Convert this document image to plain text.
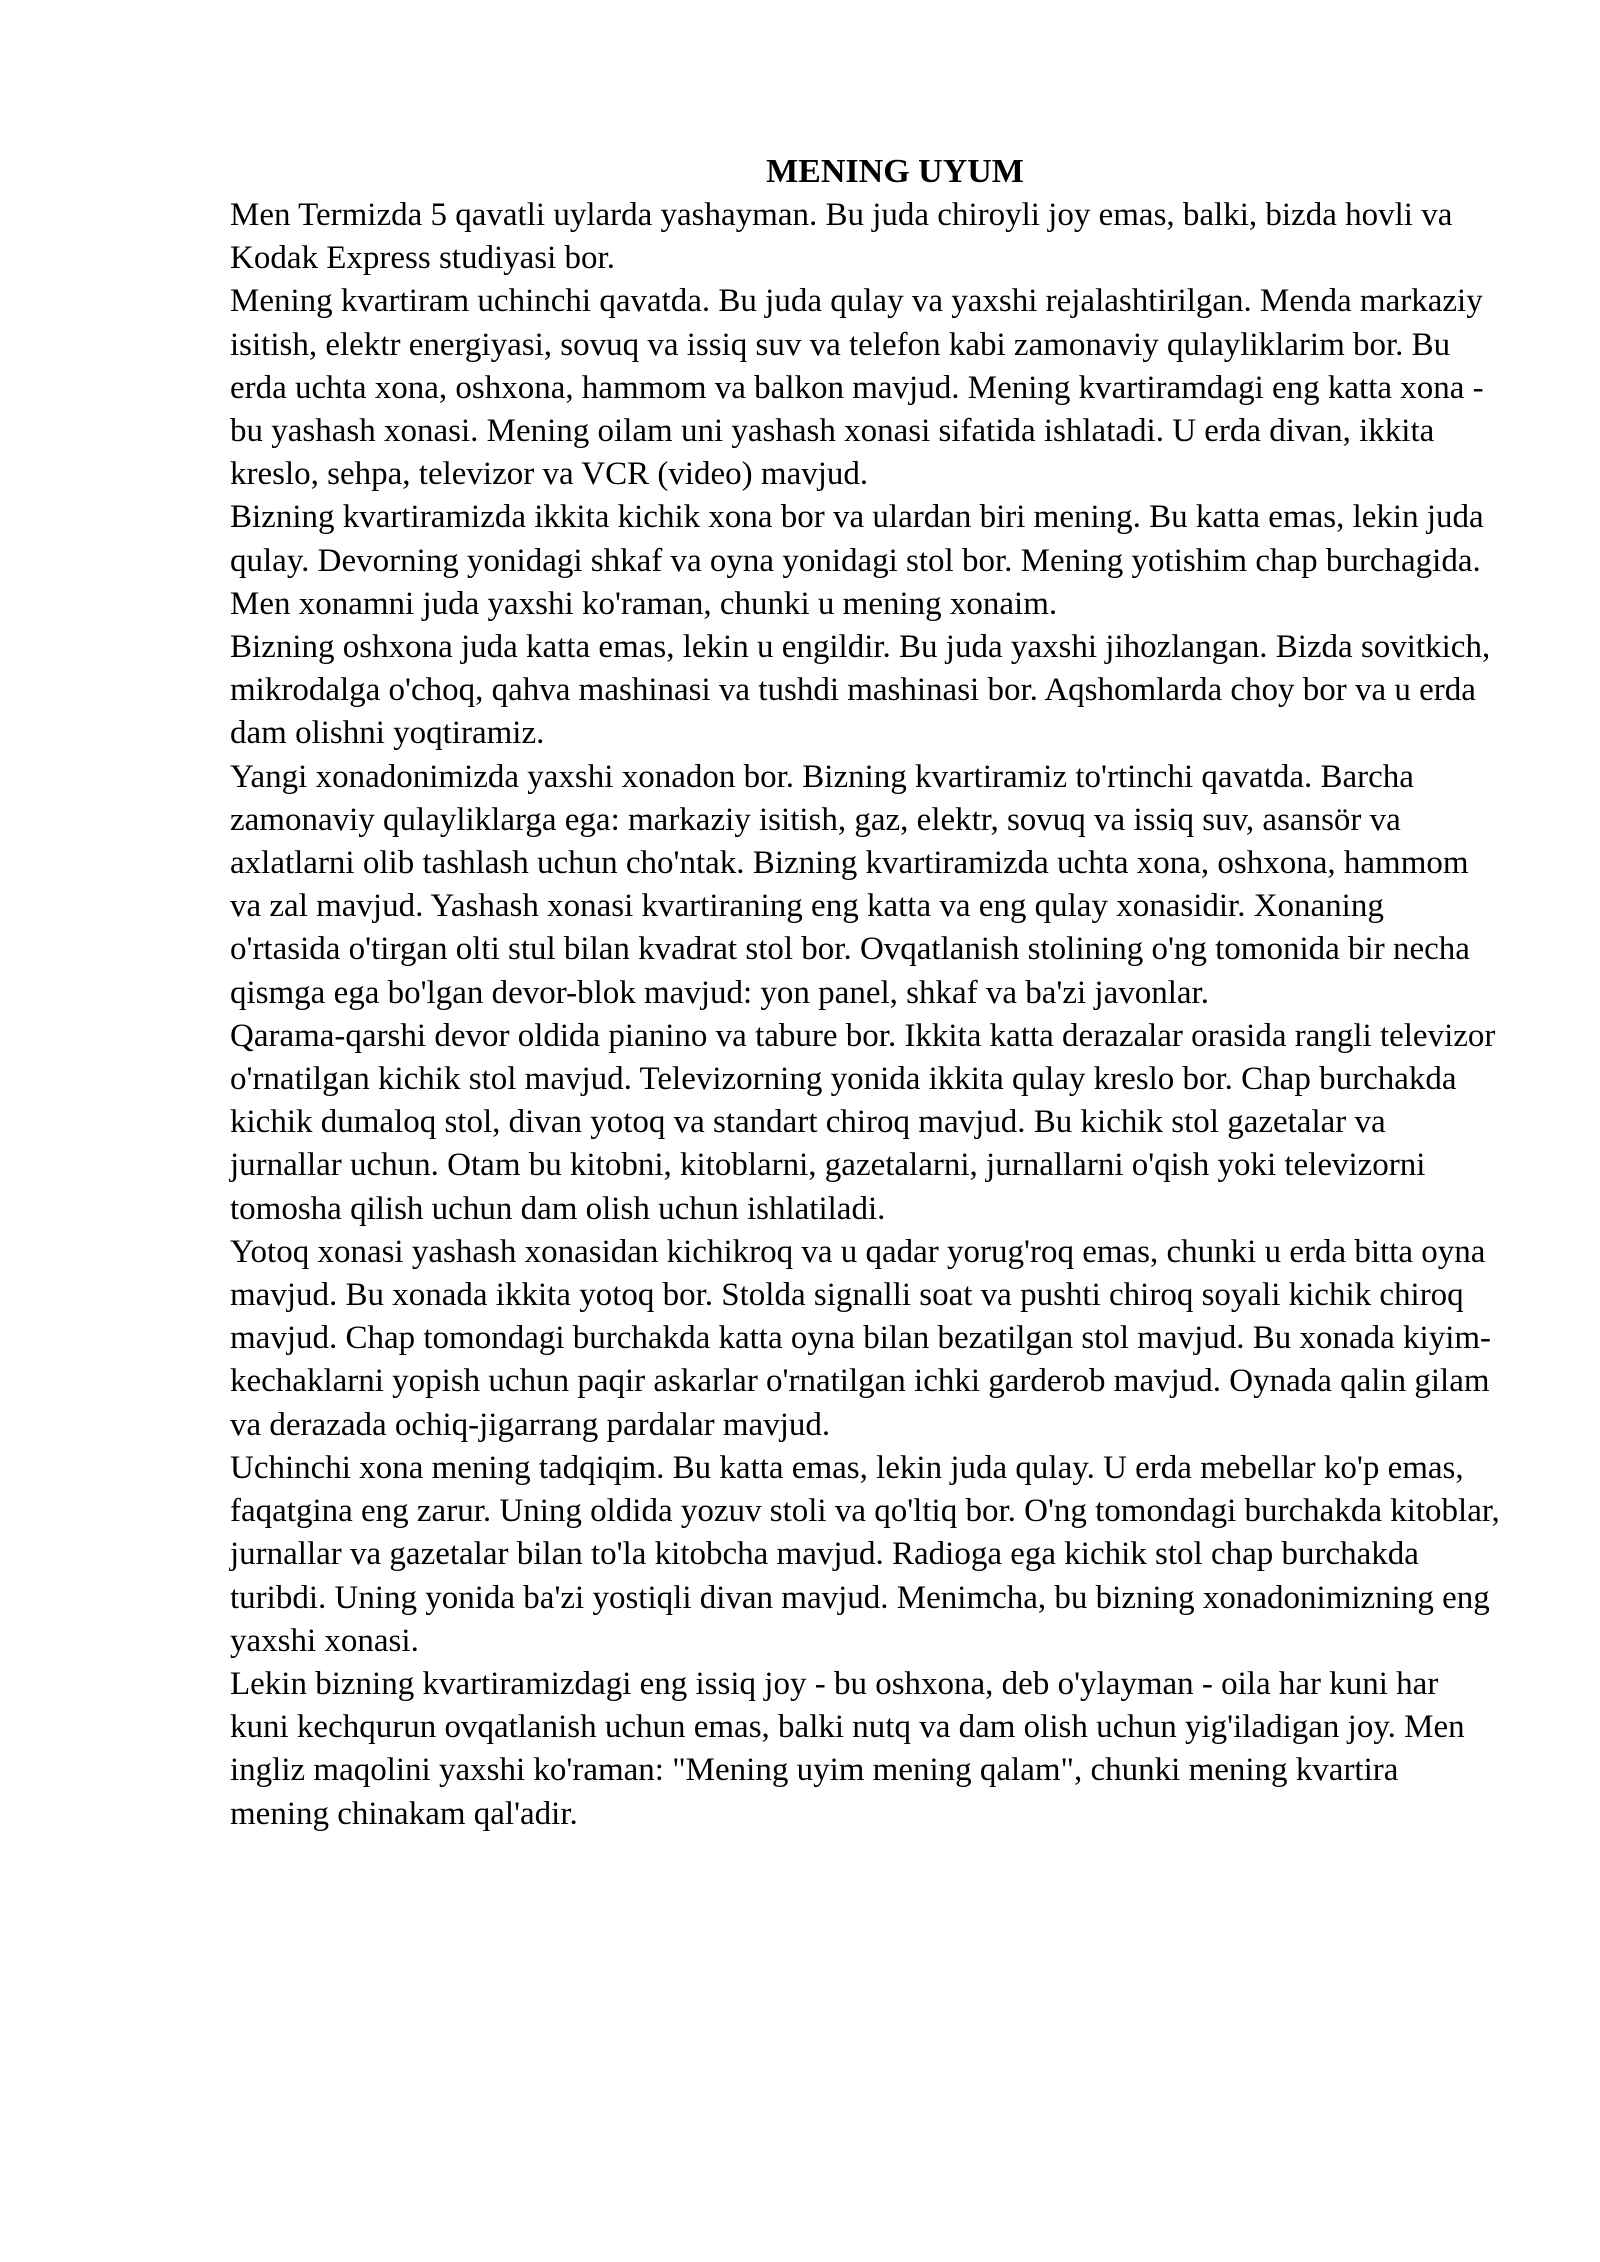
MENING UYUM

Men Termizda 5 qavatli uylarda yashayman. Bu juda chiroyli joy emas, balki, bizda hovli va Kodak Express studiyasi bor.

Mening kvartiram uchinchi qavatda. Bu juda qulay va yaxshi rejalashtirilgan. Menda markaziy isitish, elektr energiyasi, sovuq va issiq suv va telefon kabi zamonaviy qulayliklarim bor. Bu erda uchta xona, oshxona, hammom va balkon mavjud. Mening kvartiramdagi eng katta xona - bu yashash xonasi. Mening oilam uni yashash xonasi sifatida ishlatadi. U erda divan, ikkita kreslo, sehpa, televizor va VCR (video) mavjud.

Bizning kvartiramizda ikkita kichik xona bor va ulardan biri mening. Bu katta emas, lekin juda qulay. Devorning yonidagi shkaf va oyna yonidagi stol bor. Mening yotishim chap burchagida. Men xonamni juda yaxshi ko'raman, chunki u mening xonaim.

Bizning oshxona juda katta emas, lekin u engildir. Bu juda yaxshi jihozlangan. Bizda sovitkich, mikrodalga o'choq, qahva mashinasi va tushdi mashinasi bor. Aqshomlarda choy bor va u erda dam olishni yoqtiramiz.

Yangi xonadonimizda yaxshi xonadon bor. Bizning kvartiramiz to'rtinchi qavatda. Barcha zamonaviy qulayliklarga ega: markaziy isitish, gaz, elektr, sovuq va issiq suv, asansör va axlatlarni olib tashlash uchun cho'ntak. Bizning kvartiramizda uchta xona, oshxona, hammom va zal mavjud. Yashash xonasi kvartiraning eng katta va eng qulay xonasidir. Xonaning o'rtasida o'tirgan olti stul bilan kvadrat stol bor. Ovqatlanish stolining o'ng tomonida bir necha qismga ega bo'lgan devor-blok mavjud: yon panel, shkaf va ba'zi javonlar.

Qarama-qarshi devor oldida pianino va tabure bor. Ikkita katta derazalar orasida rangli televizor o'rnatilgan kichik stol mavjud. Televizorning yonida ikkita qulay kreslo bor. Chap burchakda kichik dumaloq stol, divan yotoq va standart chiroq mavjud. Bu kichik stol gazetalar va jurnallar uchun. Otam bu kitobni, kitoblarni, gazetalarni, jurnallarni o'qish yoki televizorni tomosha qilish uchun dam olish uchun ishlatiladi.

Yotoq xonasi yashash xonasidan kichikroq va u qadar yorug'roq emas, chunki u erda bitta oyna mavjud. Bu xonada ikkita yotoq bor. Stolda signalli soat va pushti chiroq soyali kichik chiroq mavjud. Chap tomondagi burchakda katta oyna bilan bezatilgan stol mavjud. Bu xonada kiyim-kechaklarni yopish uchun paqir askarlar o'rnatilgan ichki garderob mavjud. Oynada qalin gilam va derazada ochiq-jigarrang pardalar mavjud.

Uchinchi xona mening tadqiqim. Bu katta emas, lekin juda qulay. U erda mebellar ko'p emas, faqatgina eng zarur. Uning oldida yozuv stoli va qo'ltiq bor. O'ng tomondagi burchakda kitoblar, jurnallar va gazetalar bilan to'la kitobcha mavjud. Radioga ega kichik stol chap burchakda turibdi. Uning yonida ba'zi yostiqli divan mavjud. Menimcha, bu bizning xonadonimizning eng yaxshi xonasi.

Lekin bizning kvartiramizdagi eng issiq joy - bu oshxona, deb o'ylayman - oila har kuni har kuni kechqurun ovqatlanish uchun emas, balki nutq va dam olish uchun yig'iladigan joy. Men ingliz maqolini yaxshi ko'raman: "Mening uyim mening qalam", chunki mening kvartira mening chinakam qal'adir.
